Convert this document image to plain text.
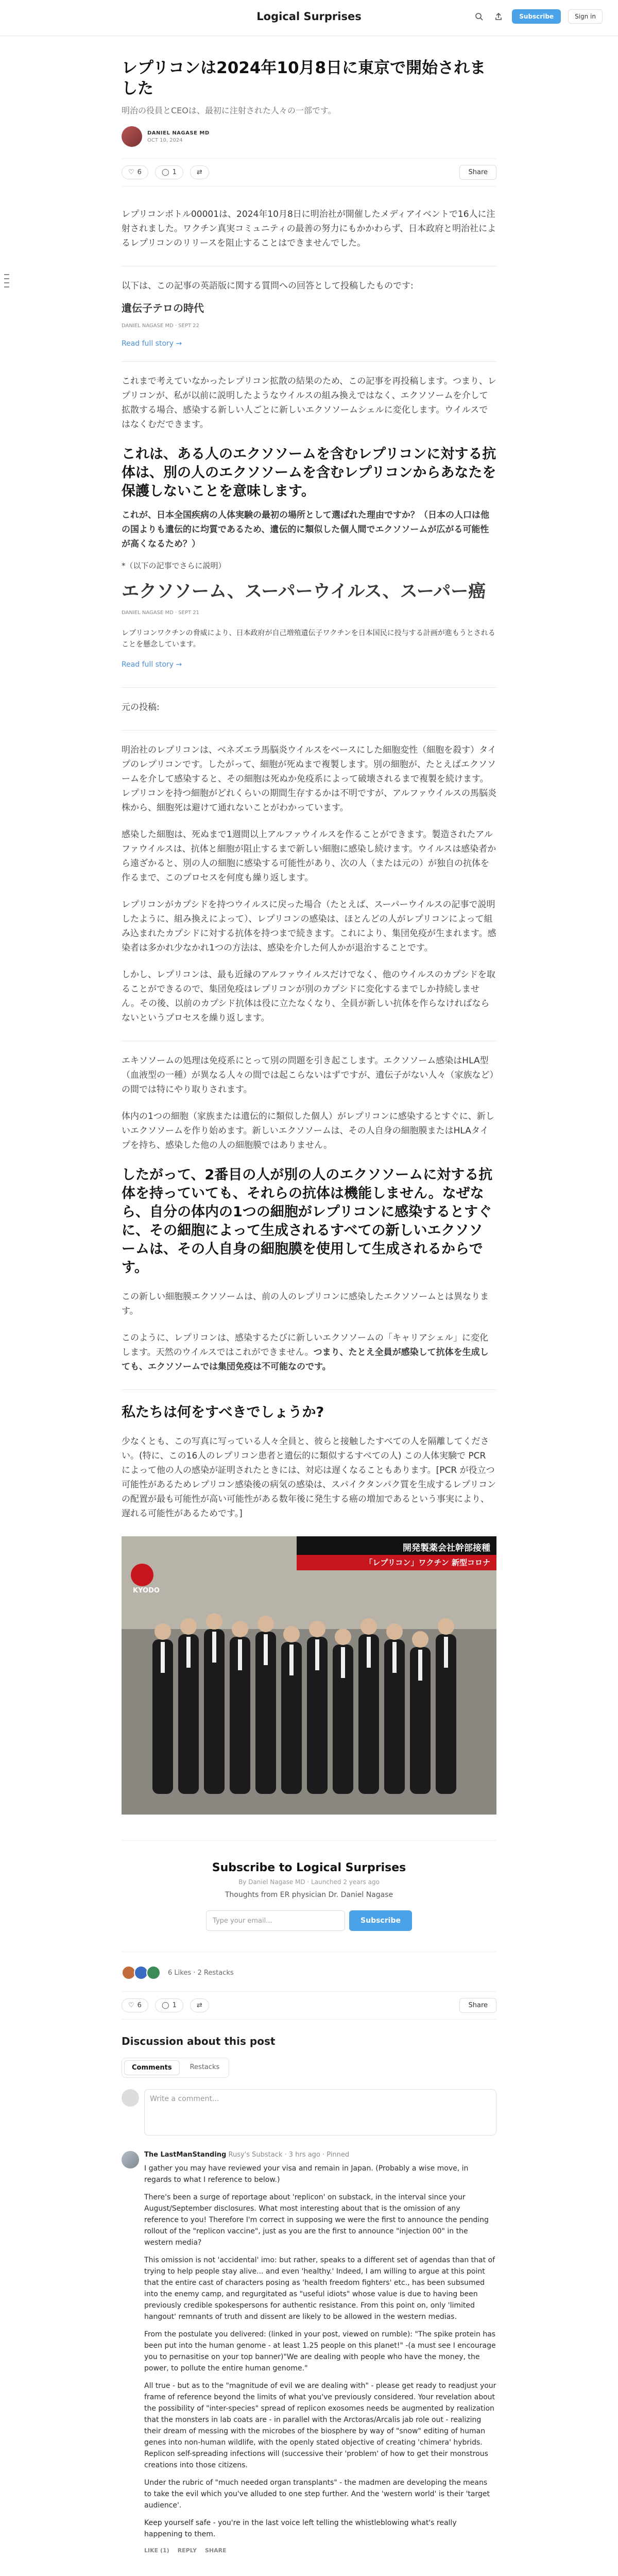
Logical Surprises	Subscribe	Sign in
レプリコンは2024年10月8日に東京で開始されました
明治の役員とCEOは、最初に注射された人々の一部です。
DANIEL NAGASE MD
OCT 10, 2024
♡ 6
	◯ 1
	⇄	Share

レプリコンボトル00001は、2024年10月8日に明治社が開催したメディアイベントで16人に注射されました。ワクチン真実コミュニティの最善の努力にもかかわらず、日本政府と明治社によるレプリコンのリリースを阻止することはできませんでした。

以下は、この記事の英語版に関する質問への回答として投稿したものです:

遺伝子テロの時代
DANIEL NAGASE MD · SEPT 22
Read full story →

これまで考えていなかったレプリコン拡散の結果のため、この記事を再投稿します。つまり、レプリコンが、私が以前に説明したようなウイルスの組み換えではなく、エクソソームを介して拡散する場合、感染する新しい人ごとに新しいエクソソームシェルに変化します。ウイルスではなくむだできます。

これは、ある人のエクソソームを含むレプリコンに対する抗体は、別の人のエクソソームを含むレプリコンからあなたを保護しないことを意味します。

これが、日本全国疾病の人体実験の最初の場所として選ばれた理由ですか？（日本の人口は他の国よりも遺伝的に均質であるため、遺伝的に類似した個人間でエクソソームが広がる可能性が高くなるため？）

*（以下の記事でさらに説明）

エクソソーム、スーパーウイルス、スーパー癌
DANIEL NAGASE MD · SEPT 21

レプリコンワクチンの脅威により、日本政府が自己増殖遺伝子ワクチンを日本国民に投与する計画が進もうとされることを懸念しています。

Read full story →

元の投稿:

明治社のレプリコンは、ベネズエラ馬脳炎ウイルスをベースにした細胞変性（細胞を殺す）タイプのレプリコンです。したがって、細胞が死ぬまで複製します。別の細胞が、たとえばエクソソームを介して感染すると、その細胞は死ぬか免疫系によって破壊されるまで複製を続けます。レプリコンを持つ細胞がどれくらいの期間生存するかは不明ですが、アルファウイルスの馬脳炎株から、細胞死は避けて通れないことがわかっています。

感染した細胞は、死ぬまで1週間以上アルファウイルスを作ることができます。製造されたアルファウイルスは、抗体と細胞が阻止するまで新しい細胞に感染し続けます。ウイルスは感染者から遠ざかると、別の人の細胞に感染する可能性があり、次の人（または元の）が独自の抗体を作るまで、このプロセスを何度も繰り返します。

レプリコンがカプシドを持つウイルスに戻った場合（たとえば、スーパーウイルスの記事で説明したように、組み換えによって）、レプリコンの感染は、ほとんどの人がレプリコンによって組み込まれたカプシドに対する抗体を持つまで続きます。これにより、集団免疫が生まれます。感染者は多かれ少なかれ1つの方法は、感染を介した何人かが退治することです。

しかし、レプリコンは、最も近縁のアルファウイルスだけでなく、他のウイルスのカプシドを取ることができるので、集団免疫はレプリコンが別のカプシドに変化するまでしか持続しません。その後、以前のカプシド抗体は役に立たなくなり、全員が新しい抗体を作らなければならないというプロセスを繰り返します。

エキソソームの処理は免疫系にとって別の問題を引き起こします。エクソソーム感染はHLA型（血液型の一種）が異なる人々の間では起こらないはずですが、遺伝子がない人々（家族など）の間では特にやり取りされます。

体内の1つの細胞（家族または遺伝的に類似した個人）がレプリコンに感染するとすぐに、新しいエクソソームを作り始めます。新しいエクソソームは、その人自身の細胞膜またはHLAタイプを持ち、感染した他の人の細胞膜ではありません。

したがって、2番目の人が別の人のエクソソームに対する抗体を持っていても、それらの抗体は機能しません。なぜなら、自分の体内の1つの細胞がレプリコンに感染するとすぐに、その細胞によって生成されるすべての新しいエクソソームは、その人自身の細胞膜を使用して生成されるからです。

この新しい細胞膜エクソソームは、前の人のレプリコンに感染したエクソソームとは異なります。

このように、レプリコンは、感染するたびに新しいエクソソームの「キャリアシェル」に変化します。天然のウイルスではこれができません。つまり、たとえ全員が感染して抗体を生成しても、エクソソームでは集団免疫は不可能なのです。

私たちは何をすべきでしょうか?

少なくとも、この写真に写っている人々全員と、彼らと接触したすべての人を隔離してください。(特に、この16人のレプリコン患者と遺伝的に類似するすべての人) この人体実験で PCR によって他の人の感染が証明されたときには、対応は遅くなることもあります。[PCR が役立つ可能性があるためレプリコン感染後の病気の感染は、スパイクタンパク質を生成するレプリコンの配置が最も可能性が高い可能性がある数年後に発生する癌の増加であるという事実により、遅れる可能性があるためです。]

開発製薬会社幹部接種
「レプリコン」ワクチン 新型コロナ
KYODO
Subscribe to Logical Surprises
By Daniel Nagase MD · Launched 2 years ago
Thoughts from ER physician Dr. Daniel Nagase
Type your email...	Subscribe
6 Likes · 2 Restacks
♡ 6
	◯ 1
	⇄	Share
Discussion about this post
Comments	Restacks
Write a comment...
The LastManStanding Rusy's Substack · 3 hrs ago · Pinned

I gather you may have reviewed your visa and remain in Japan. (Probably a wise move, in regards to what I reference to below.)

There's been a surge of reportage about 'replicon' on substack, in the interval since your August/September disclosures. What most interesting about that is the omission of any reference to you! Therefore I'm correct in supposing we were the first to announce the pending rollout of the "replicon vaccine", just as you are the first to announce "injection 00" in the western media?

This omission is not 'accidental' imo: but rather, speaks to a different set of agendas than that of trying to help people stay alive... and even 'healthy.' Indeed, I am willing to argue at this point that the entire cast of characters posing as 'health freedom fighters' etc., has been subsumed into the enemy camp, and regurgitated as "useful idiots" whose value is due to having been previously credible spokespersons for authentic resistance. From this point on, only 'limited hangout' remnants of truth and dissent are likely to be allowed in the western medias.

From the postulate you delivered: (linked in your post, viewed on rumble): "The spike protein has been put into the human genome - at least 1.25 people on this planet!" -(a must see I encourage you to pernasitise on your top banner)"We are dealing with people who have the money, the power, to pollute the entire human genome."

All true - but as to the "magnitude of evil we are dealing with" - please get ready to readjust your frame of reference beyond the limits of what you've previously considered. Your revelation about the possibility of "inter-species" spread of replicon exosomes needs be augmented by realization that the monsters in lab coats are - in parallel with the Arctoras/Arcalis jab role out - realizing their dream of messing with the microbes of the biosphere by way of "snow" editing of human genes into non-human wildlife, with the openly stated objective of creating 'chimera' hybrids. Replicon self-spreading infections will (successive their 'problem' of how to get their monstrous creations into those citizens.

Under the rubric of "much needed organ transplants" - the madmen are developing the means to take the evil which you've alluded to one step further. And the 'western world' is their 'target audience'.

Keep yourself safe - you're in the last voice left telling the whistleblowing what's really happening to them.

LIKE (1) REPLY SHARE
